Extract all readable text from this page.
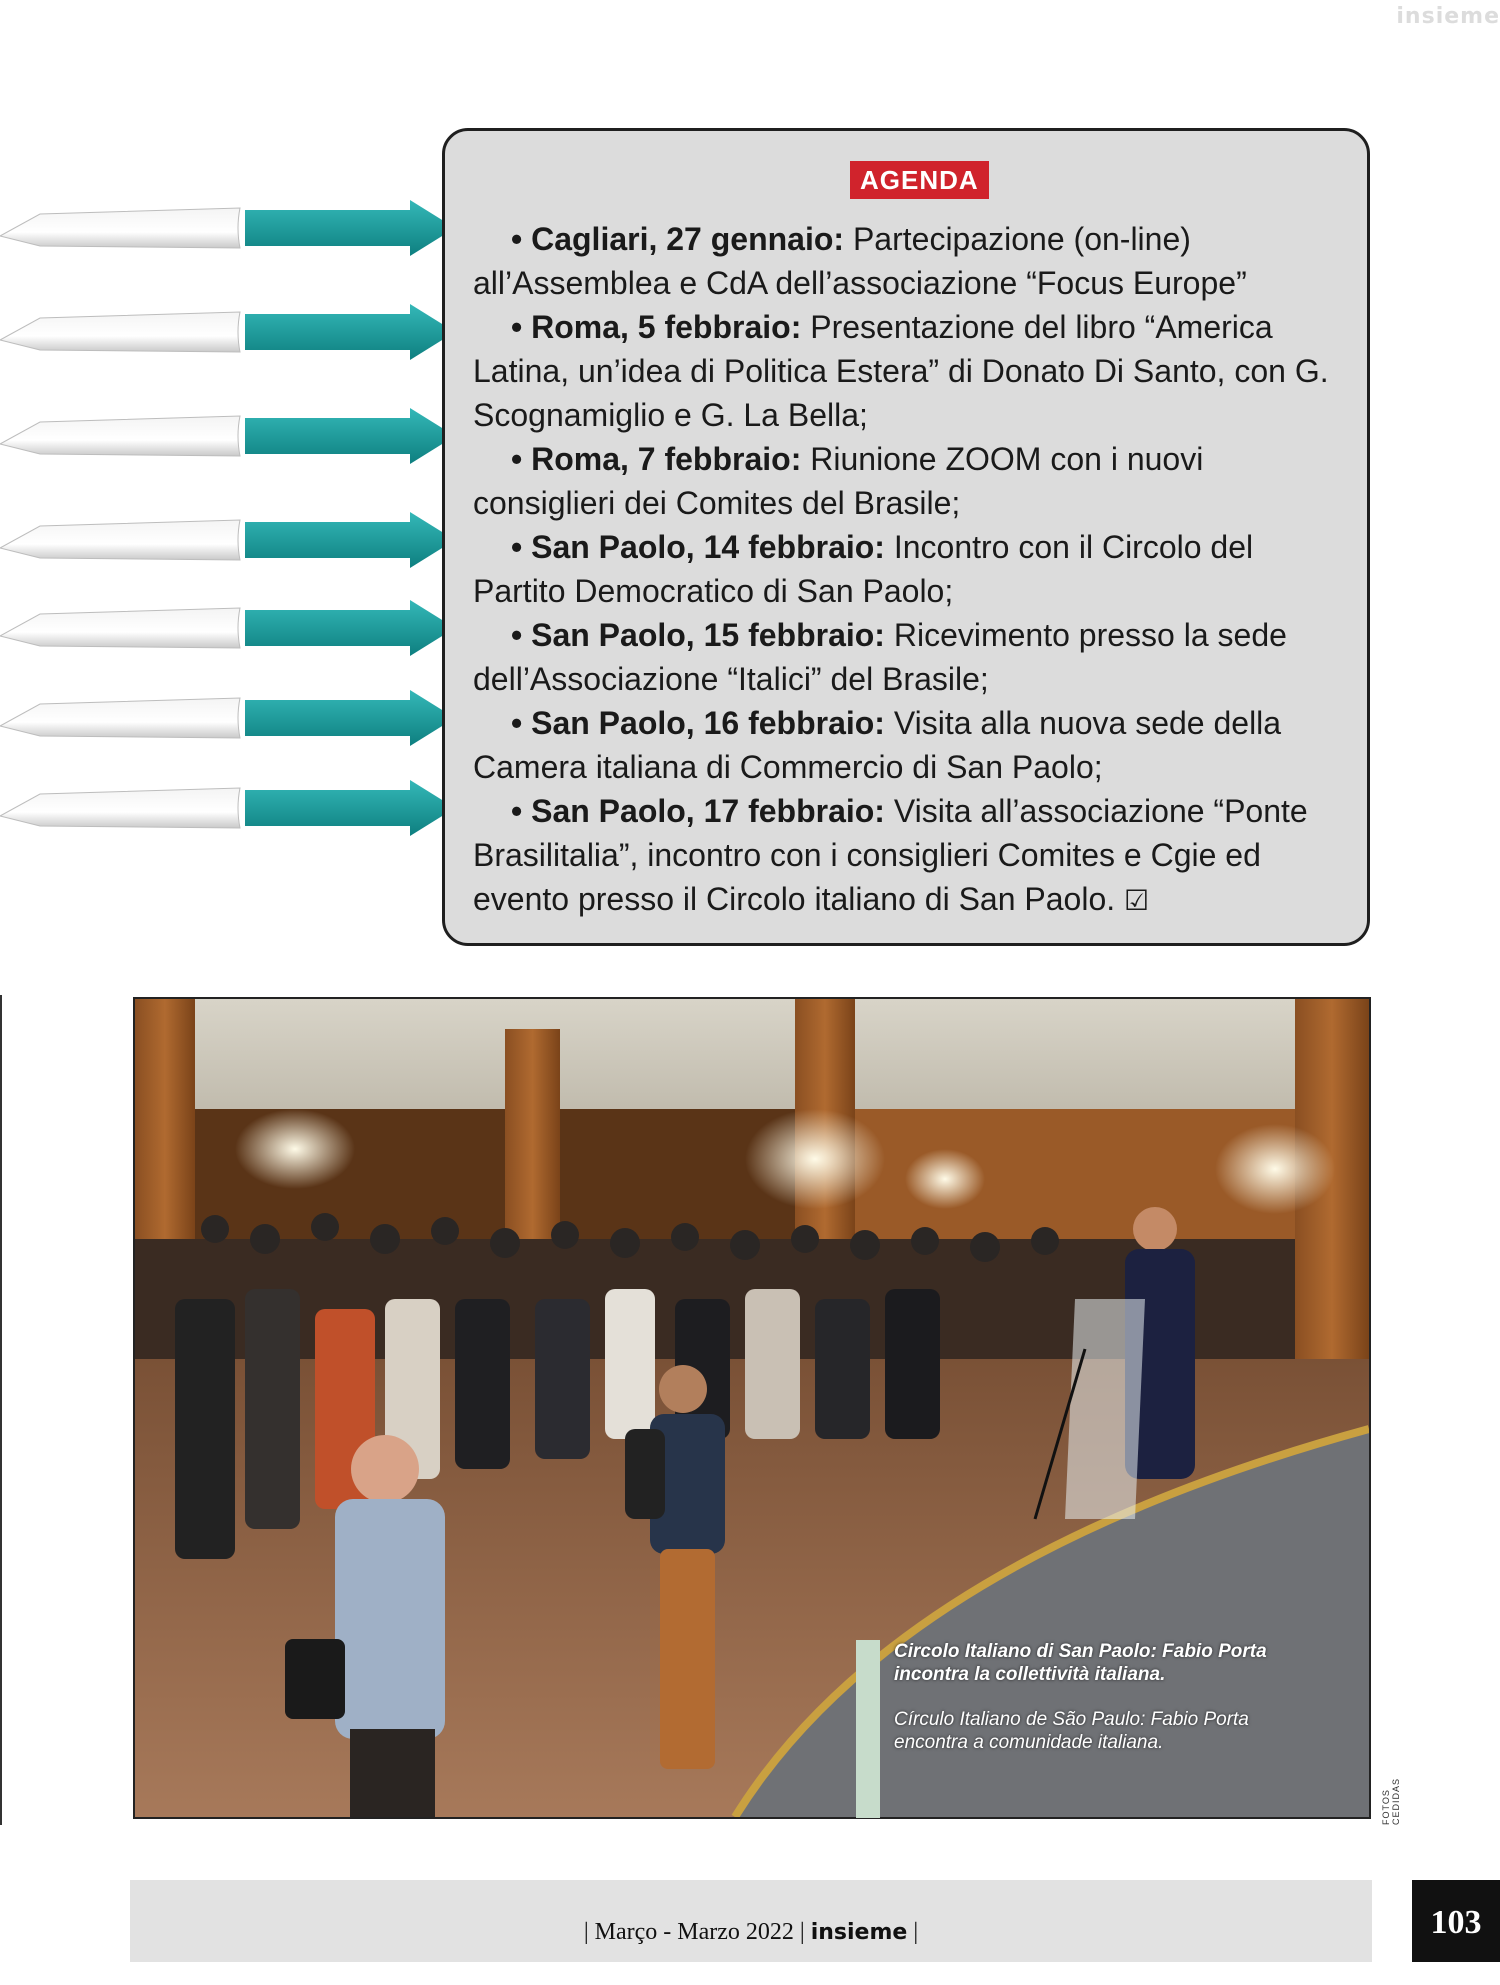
insieme
AGENDA
• Cagliari, 27 gennaio: Partecipazione (on-line) all’Assemblea e CdA dell’associazione “Focus Europe”
• Roma, 5 febbraio: Presentazione del libro “America Latina, un’idea di Politica Estera” di Donato Di Santo, con G. Scognamiglio e G. La Bella;
• Roma, 7 febbraio: Riunione ZOOM con i nuovi consiglieri dei Comites del Brasile;
• San Paolo, 14 febbraio: Incontro con il Circolo del Partito Democratico di San Paolo;
• San Paolo, 15 febbraio: Ricevimento presso la sede dell’Associazione “Italici” del Brasile;
• San Paolo, 16 febbraio: Visita alla nuova sede della Camera italiana di Commercio di San Paolo;
• San Paolo, 17 febbraio: Visita all’associazione “Ponte Brasilitalia”, incontro con i consiglieri Comites e Cgie ed evento presso il Circolo italiano di San Paolo. ☑

Circolo Italiano di San Paolo: Fabio Porta incontra la collettività italiana.

Círculo Italiano de São Paulo: Fabio Porta encontra a comunidade italiana.

FOTOS CEDIDAS
| Março - Marzo 2022 | insieme |	103
